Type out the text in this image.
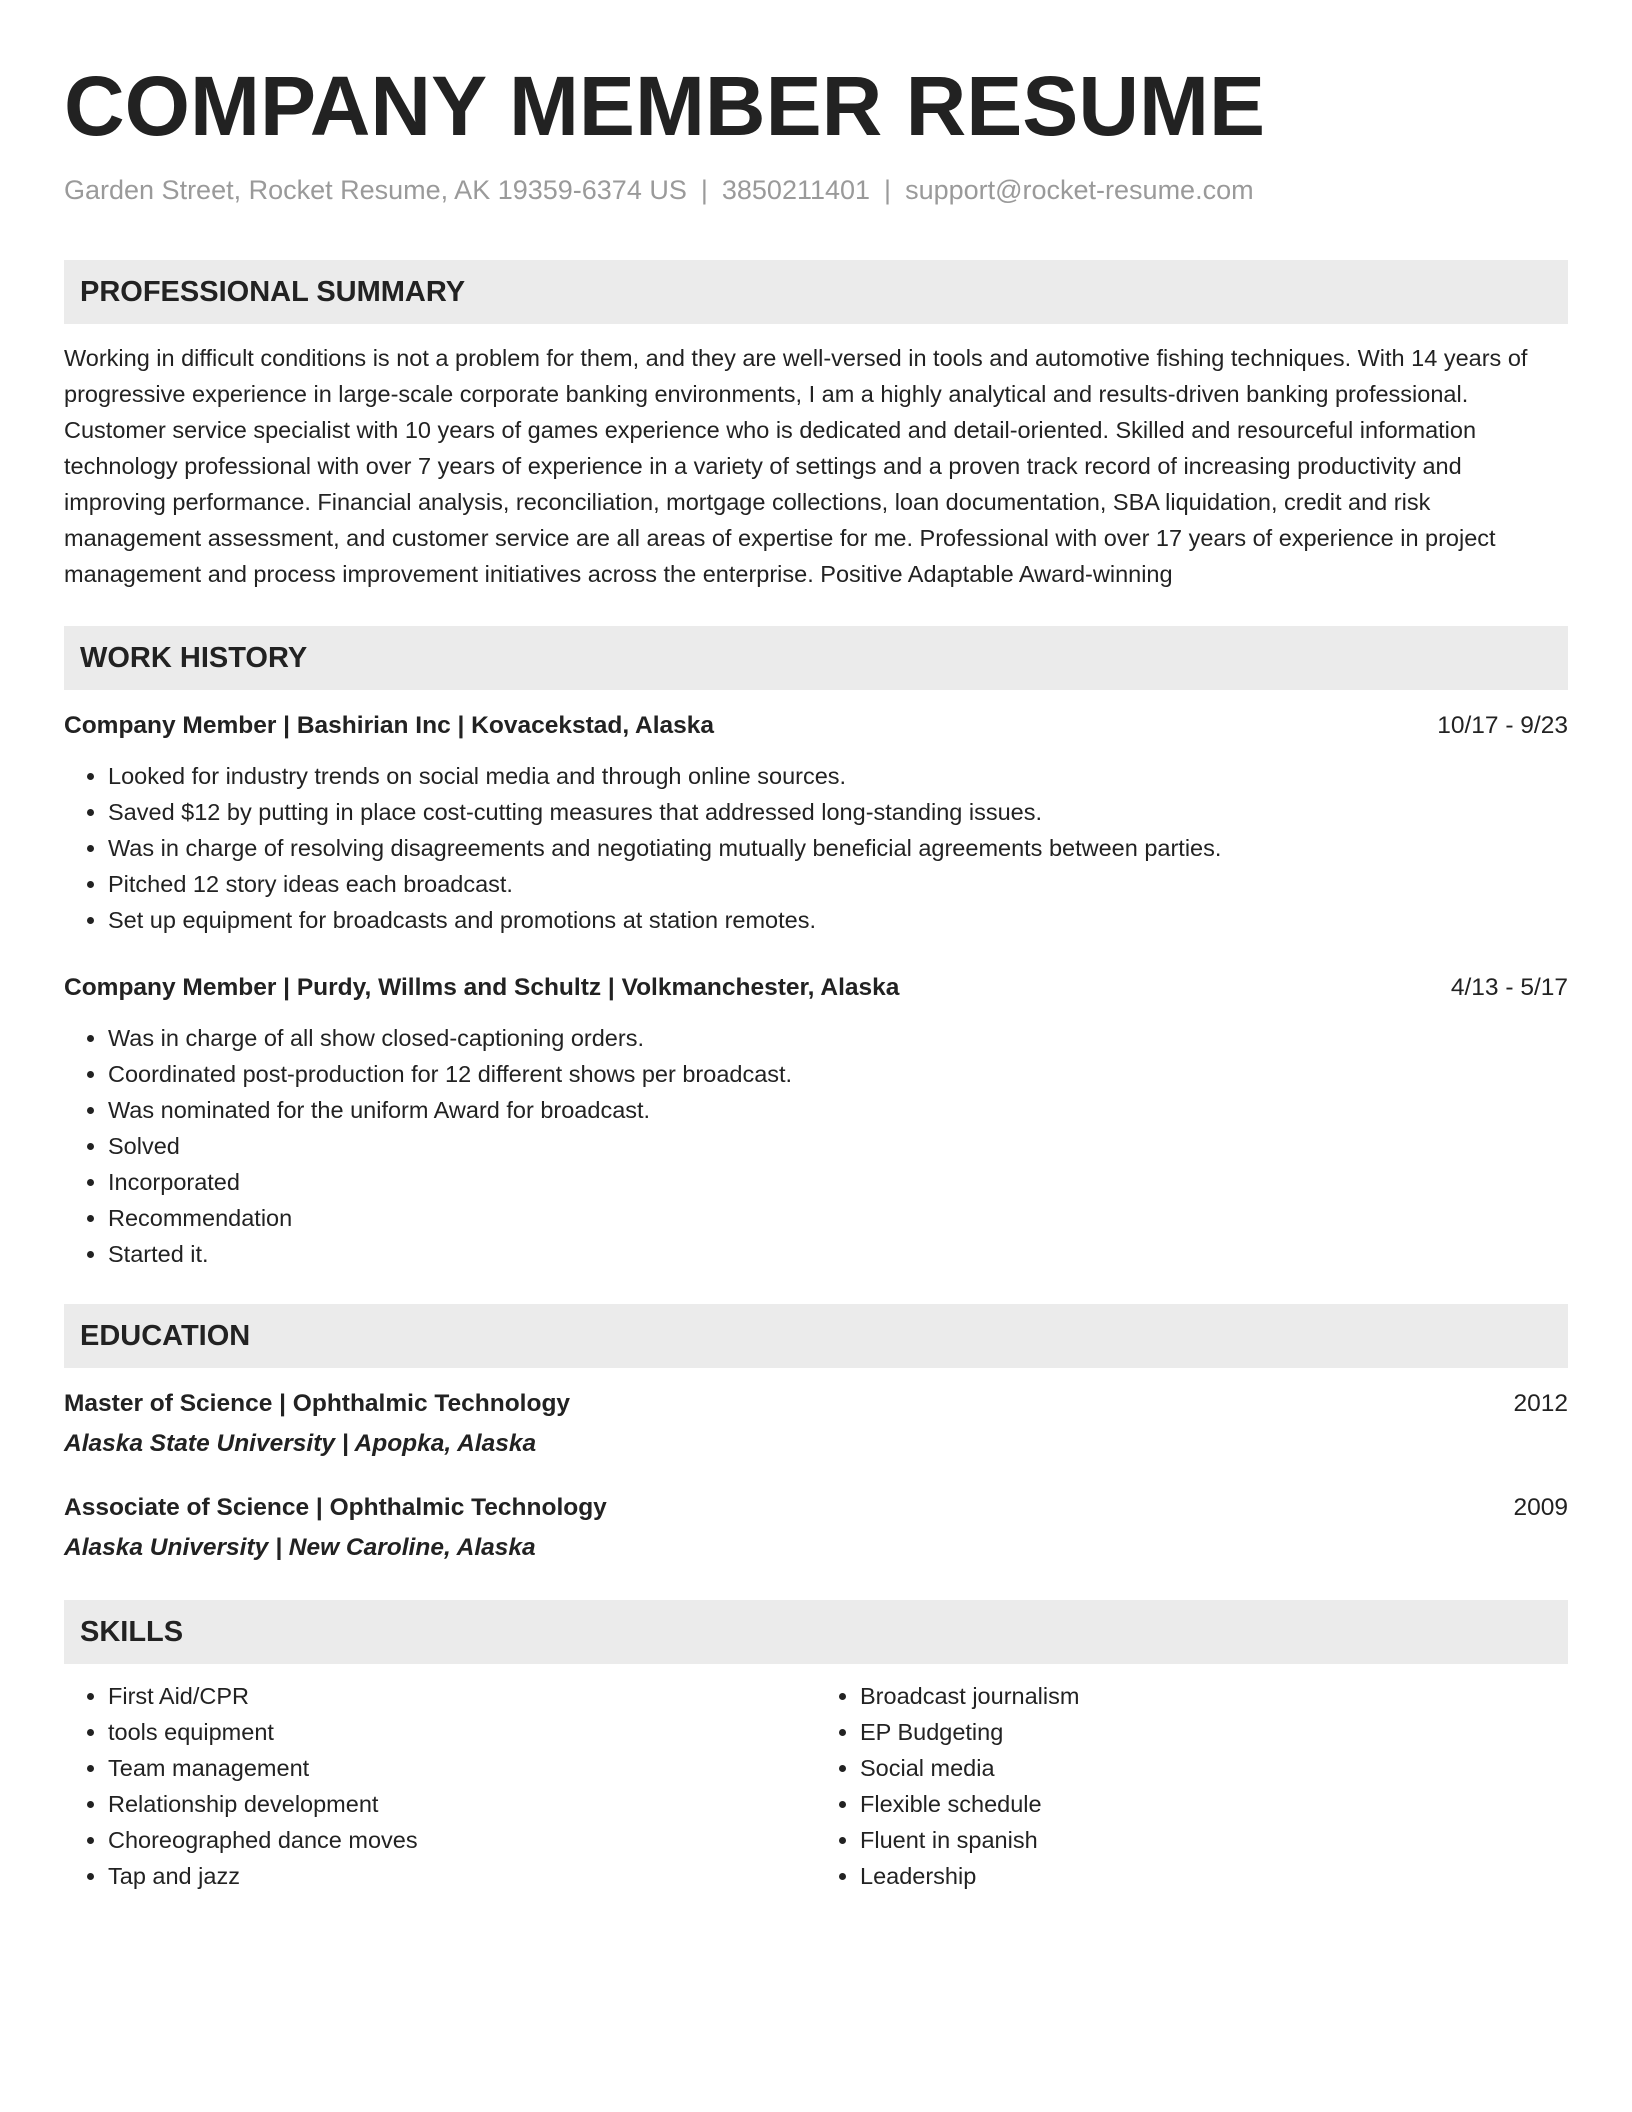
COMPANY MEMBER RESUME
Garden Street, Rocket Resume, AK 19359-6374 US | 3850211401 | support@rocket-resume.com
PROFESSIONAL SUMMARY
Working in difficult conditions is not a problem for them, and they are well-versed in tools and automotive fishing techniques. With 14 years of progressive experience in large-scale corporate banking environments, I am a highly analytical and results-driven banking professional. Customer service specialist with 10 years of games experience who is dedicated and detail-oriented. Skilled and resourceful information technology professional with over 7 years of experience in a variety of settings and a proven track record of increasing productivity and improving performance. Financial analysis, reconciliation, mortgage collections, loan documentation, SBA liquidation, credit and risk management assessment, and customer service are all areas of expertise for me. Professional with over 17 years of experience in project management and process improvement initiatives across the enterprise. Positive Adaptable Award-winning
WORK HISTORY
Company Member | Bashirian Inc | Kovacekstad, Alaska	10/17 - 9/23
• Looked for industry trends on social media and through online sources.
• Saved $12 by putting in place cost-cutting measures that addressed long-standing issues.
• Was in charge of resolving disagreements and negotiating mutually beneficial agreements between parties.
• Pitched 12 story ideas each broadcast.
• Set up equipment for broadcasts and promotions at station remotes.
Company Member | Purdy, Willms and Schultz | Volkmanchester, Alaska	4/13 - 5/17
• Was in charge of all show closed-captioning orders.
• Coordinated post-production for 12 different shows per broadcast.
• Was nominated for the uniform Award for broadcast.
• Solved
• Incorporated
• Recommendation
• Started it.
EDUCATION
Master of Science | Ophthalmic Technology	2012
Alaska State University | Apopka, Alaska
Associate of Science | Ophthalmic Technology	2009
Alaska University | New Caroline, Alaska
SKILLS
• First Aid/CPR
• tools equipment
• Team management
• Relationship development
• Choreographed dance moves
• Tap and jazz
• Broadcast journalism
• EP Budgeting
• Social media
• Flexible schedule
• Fluent in spanish
• Leadership
